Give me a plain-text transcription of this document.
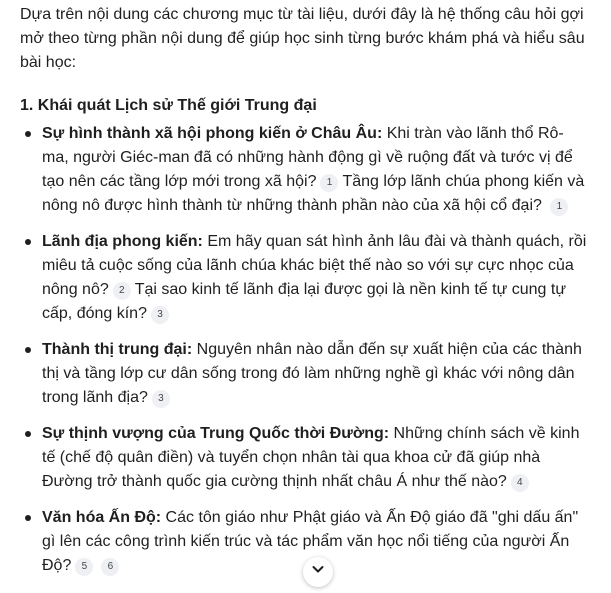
Dựa trên nội dung các chương mục từ tài liệu, dưới đây là hệ thống câu hỏi gợi mở theo từng phần nội dung để giúp học sinh từng bước khám phá và hiểu sâu bài học:

1. Khái quát Lịch sử Thế giới Trung đại

Sự hình thành xã hội phong kiến ở Châu Âu: Khi tràn vào lãnh thổ Rô-ma, người Giéc-man đã có những hành động gì về ruộng đất và tước vị để tạo nên các tầng lớp mới trong xã hội? 1 Tầng lớp lãnh chúa phong kiến và nông nô được hình thành từ những thành phần nào của xã hội cổ đại? 1
Lãnh địa phong kiến: Em hãy quan sát hình ảnh lâu đài và thành quách, rồi miêu tả cuộc sống của lãnh chúa khác biệt thế nào so với sự cực nhọc của nông nô? 2 Tại sao kinh tế lãnh địa lại được gọi là nền kinh tế tự cung tự cấp, đóng kín? 3
Thành thị trung đại: Nguyên nhân nào dẫn đến sự xuất hiện của các thành thị và tầng lớp cư dân sống trong đó làm những nghề gì khác với nông dân trong lãnh địa? 3
Sự thịnh vượng của Trung Quốc thời Đường: Những chính sách về kinh tế (chế độ quân điền) và tuyển chọn nhân tài qua khoa cử đã giúp nhà Đường trở thành quốc gia cường thịnh nhất châu Á như thế nào? 4
Văn hóa Ấn Độ: Các tôn giáo như Phật giáo và Ấn Độ giáo đã "ghi dấu ấn" gì lên các công trình kiến trúc và tác phẩm văn học nổi tiếng của người Ấn Độ? 5 6
